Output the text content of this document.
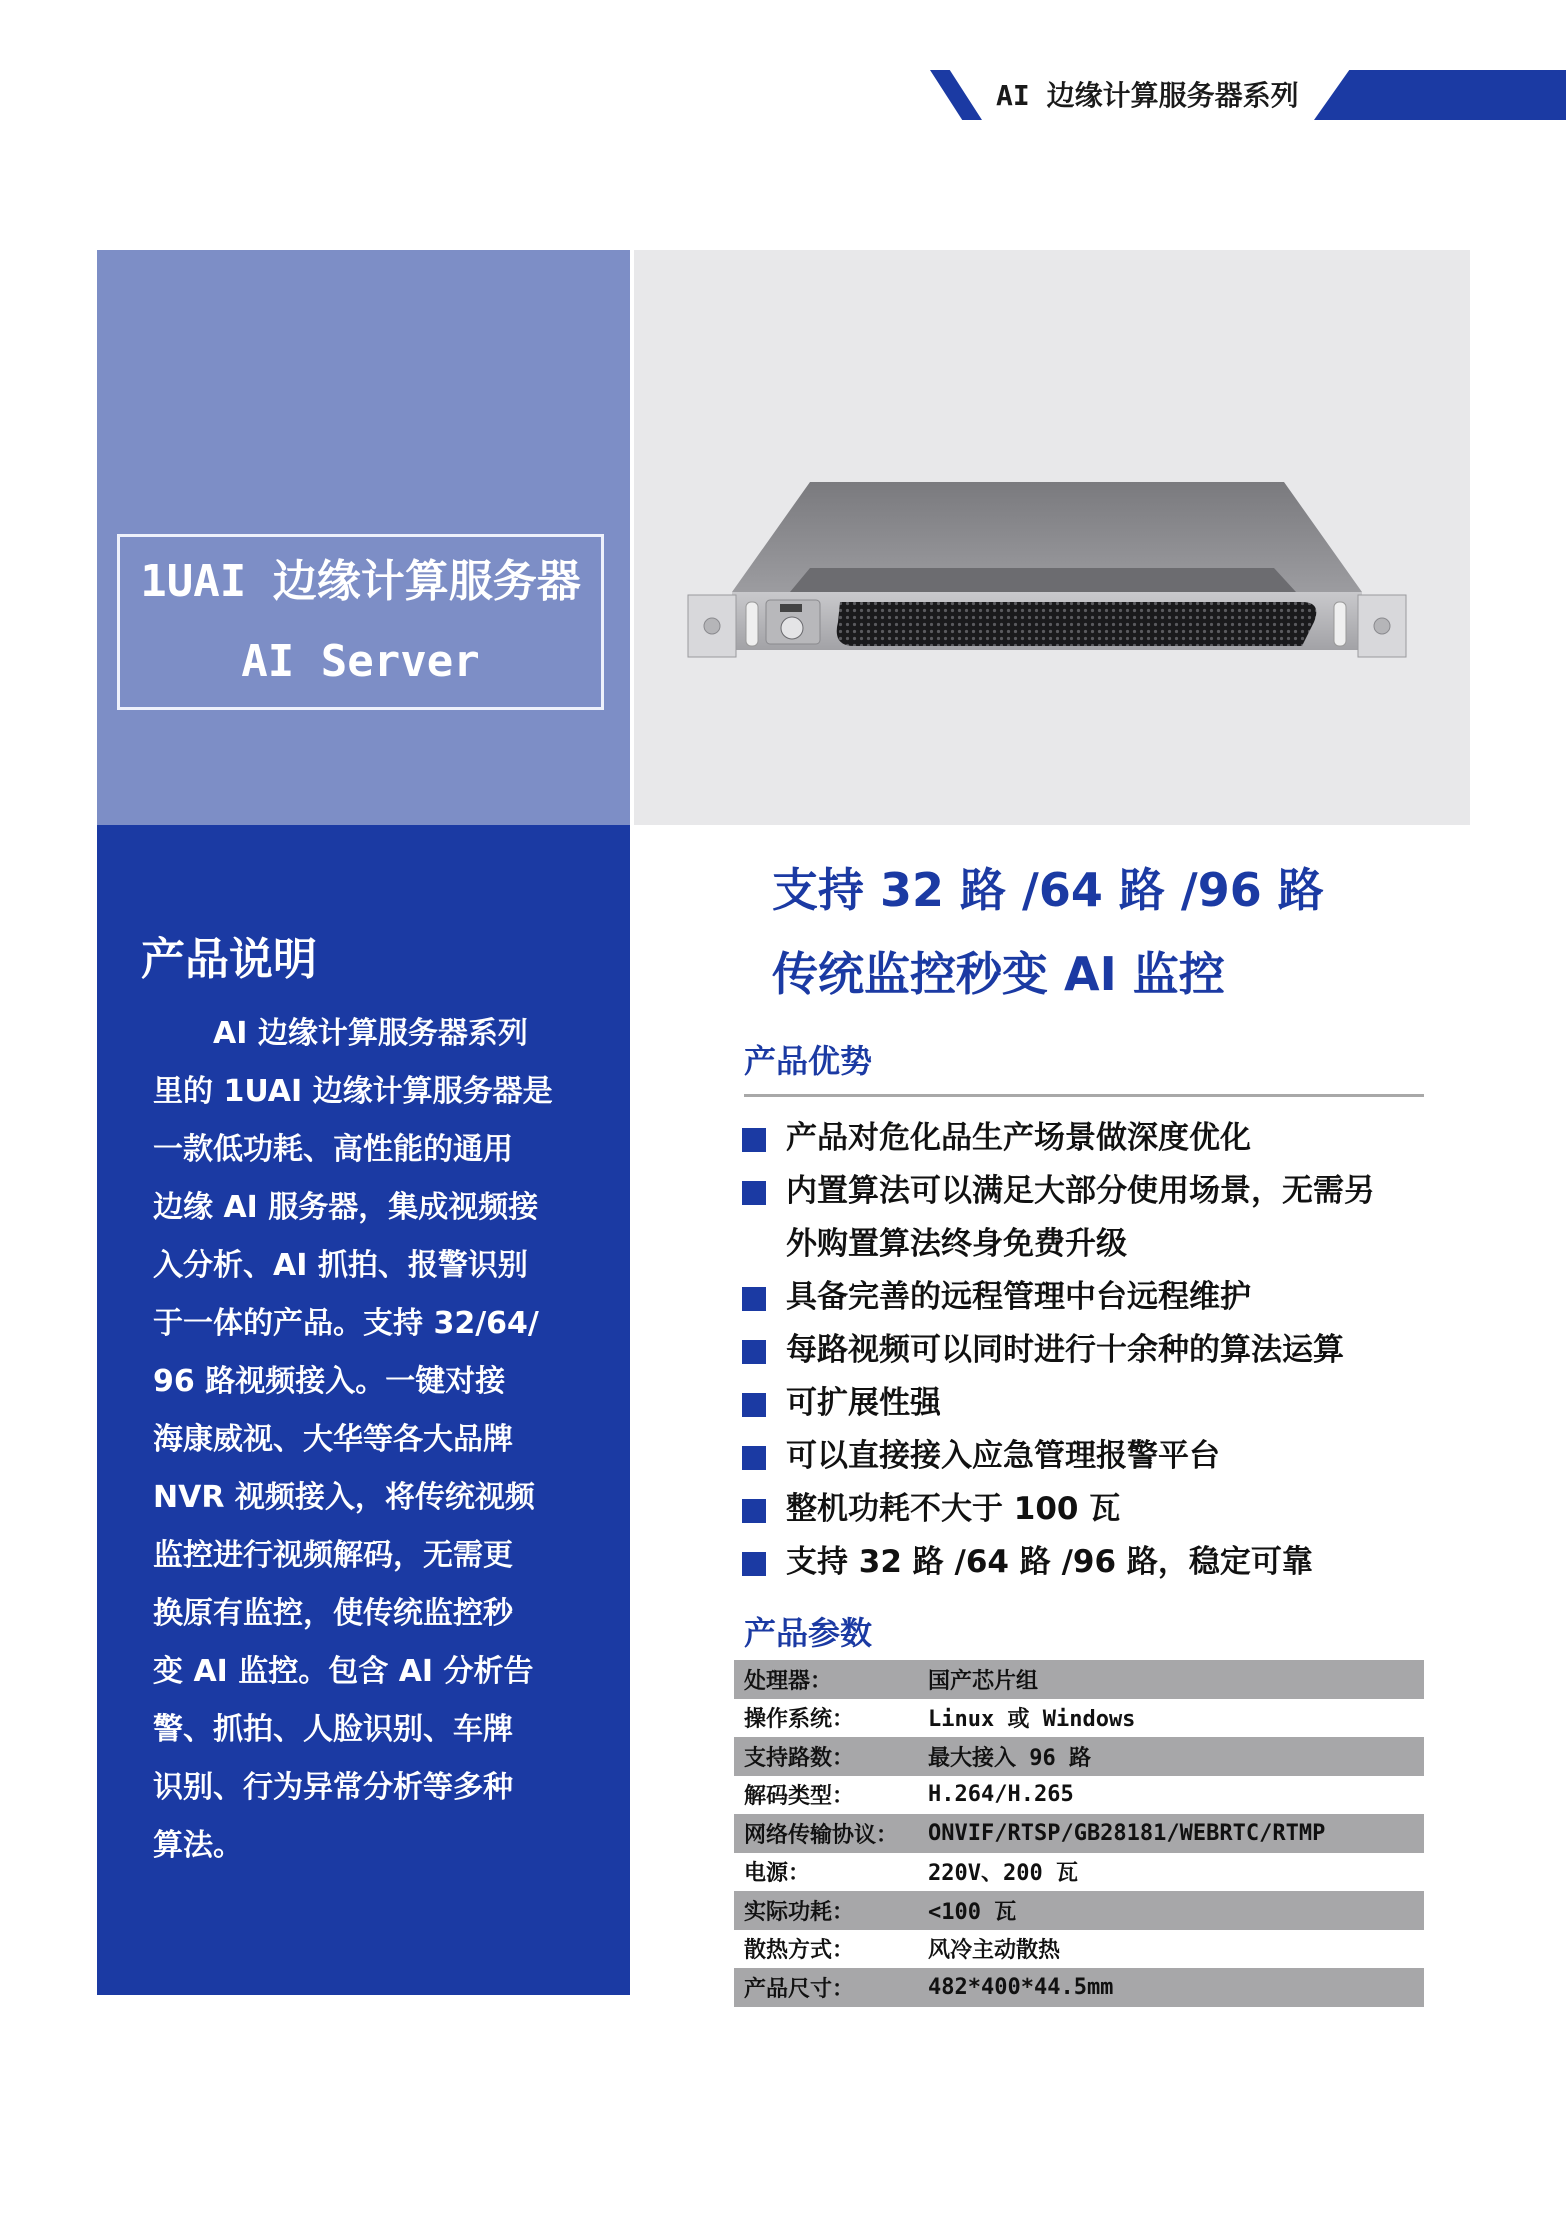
AI 边缘计算服务器系列
1UAI 边缘计算服务器
AI Server
产品说明
　　AI 边缘计算服务器系列
里的 1UAI 边缘计算服务器是
一款低功耗、高性能的通用
边缘 AI 服务器，集成视频接
入分析、AI 抓拍、报警识别
于一体的产品。支持 32/64/
96 路视频接入。一键对接
海康威视、大华等各大品牌
NVR 视频接入，将传统视频
监控进行视频解码，无需更
换原有监控，使传统监控秒
变 AI 监控。包含 AI 分析告
警、抓拍、人脸识别、车牌
识别、行为异常分析等多种
算法。
支持 32 路 /64 路 /96 路
传统监控秒变 AI 监控
产品优势
产品对危化品生产场景做深度优化
内置算法可以满足大部分使用场景，无需另
外购置算法终身免费升级
具备完善的远程管理中台远程维护
每路视频可以同时进行十余种的算法运算
可扩展性强
可以直接接入应急管理报警平台
整机功耗不大于 100 瓦
支持 32 路 /64 路 /96 路，稳定可靠
产品参数
处理器：	国产芯片组
操作系统：	Linux 或 Windows
支持路数：	最大接入 96 路
解码类型：	H.264/H.265
网络传输协议：	ONVIF/RTSP/GB28181/WEBRTC/RTMP
电源：	220V、200 瓦
实际功耗：	<100 瓦
散热方式：	风冷主动散热
产品尺寸：	482*400*44.5mm
